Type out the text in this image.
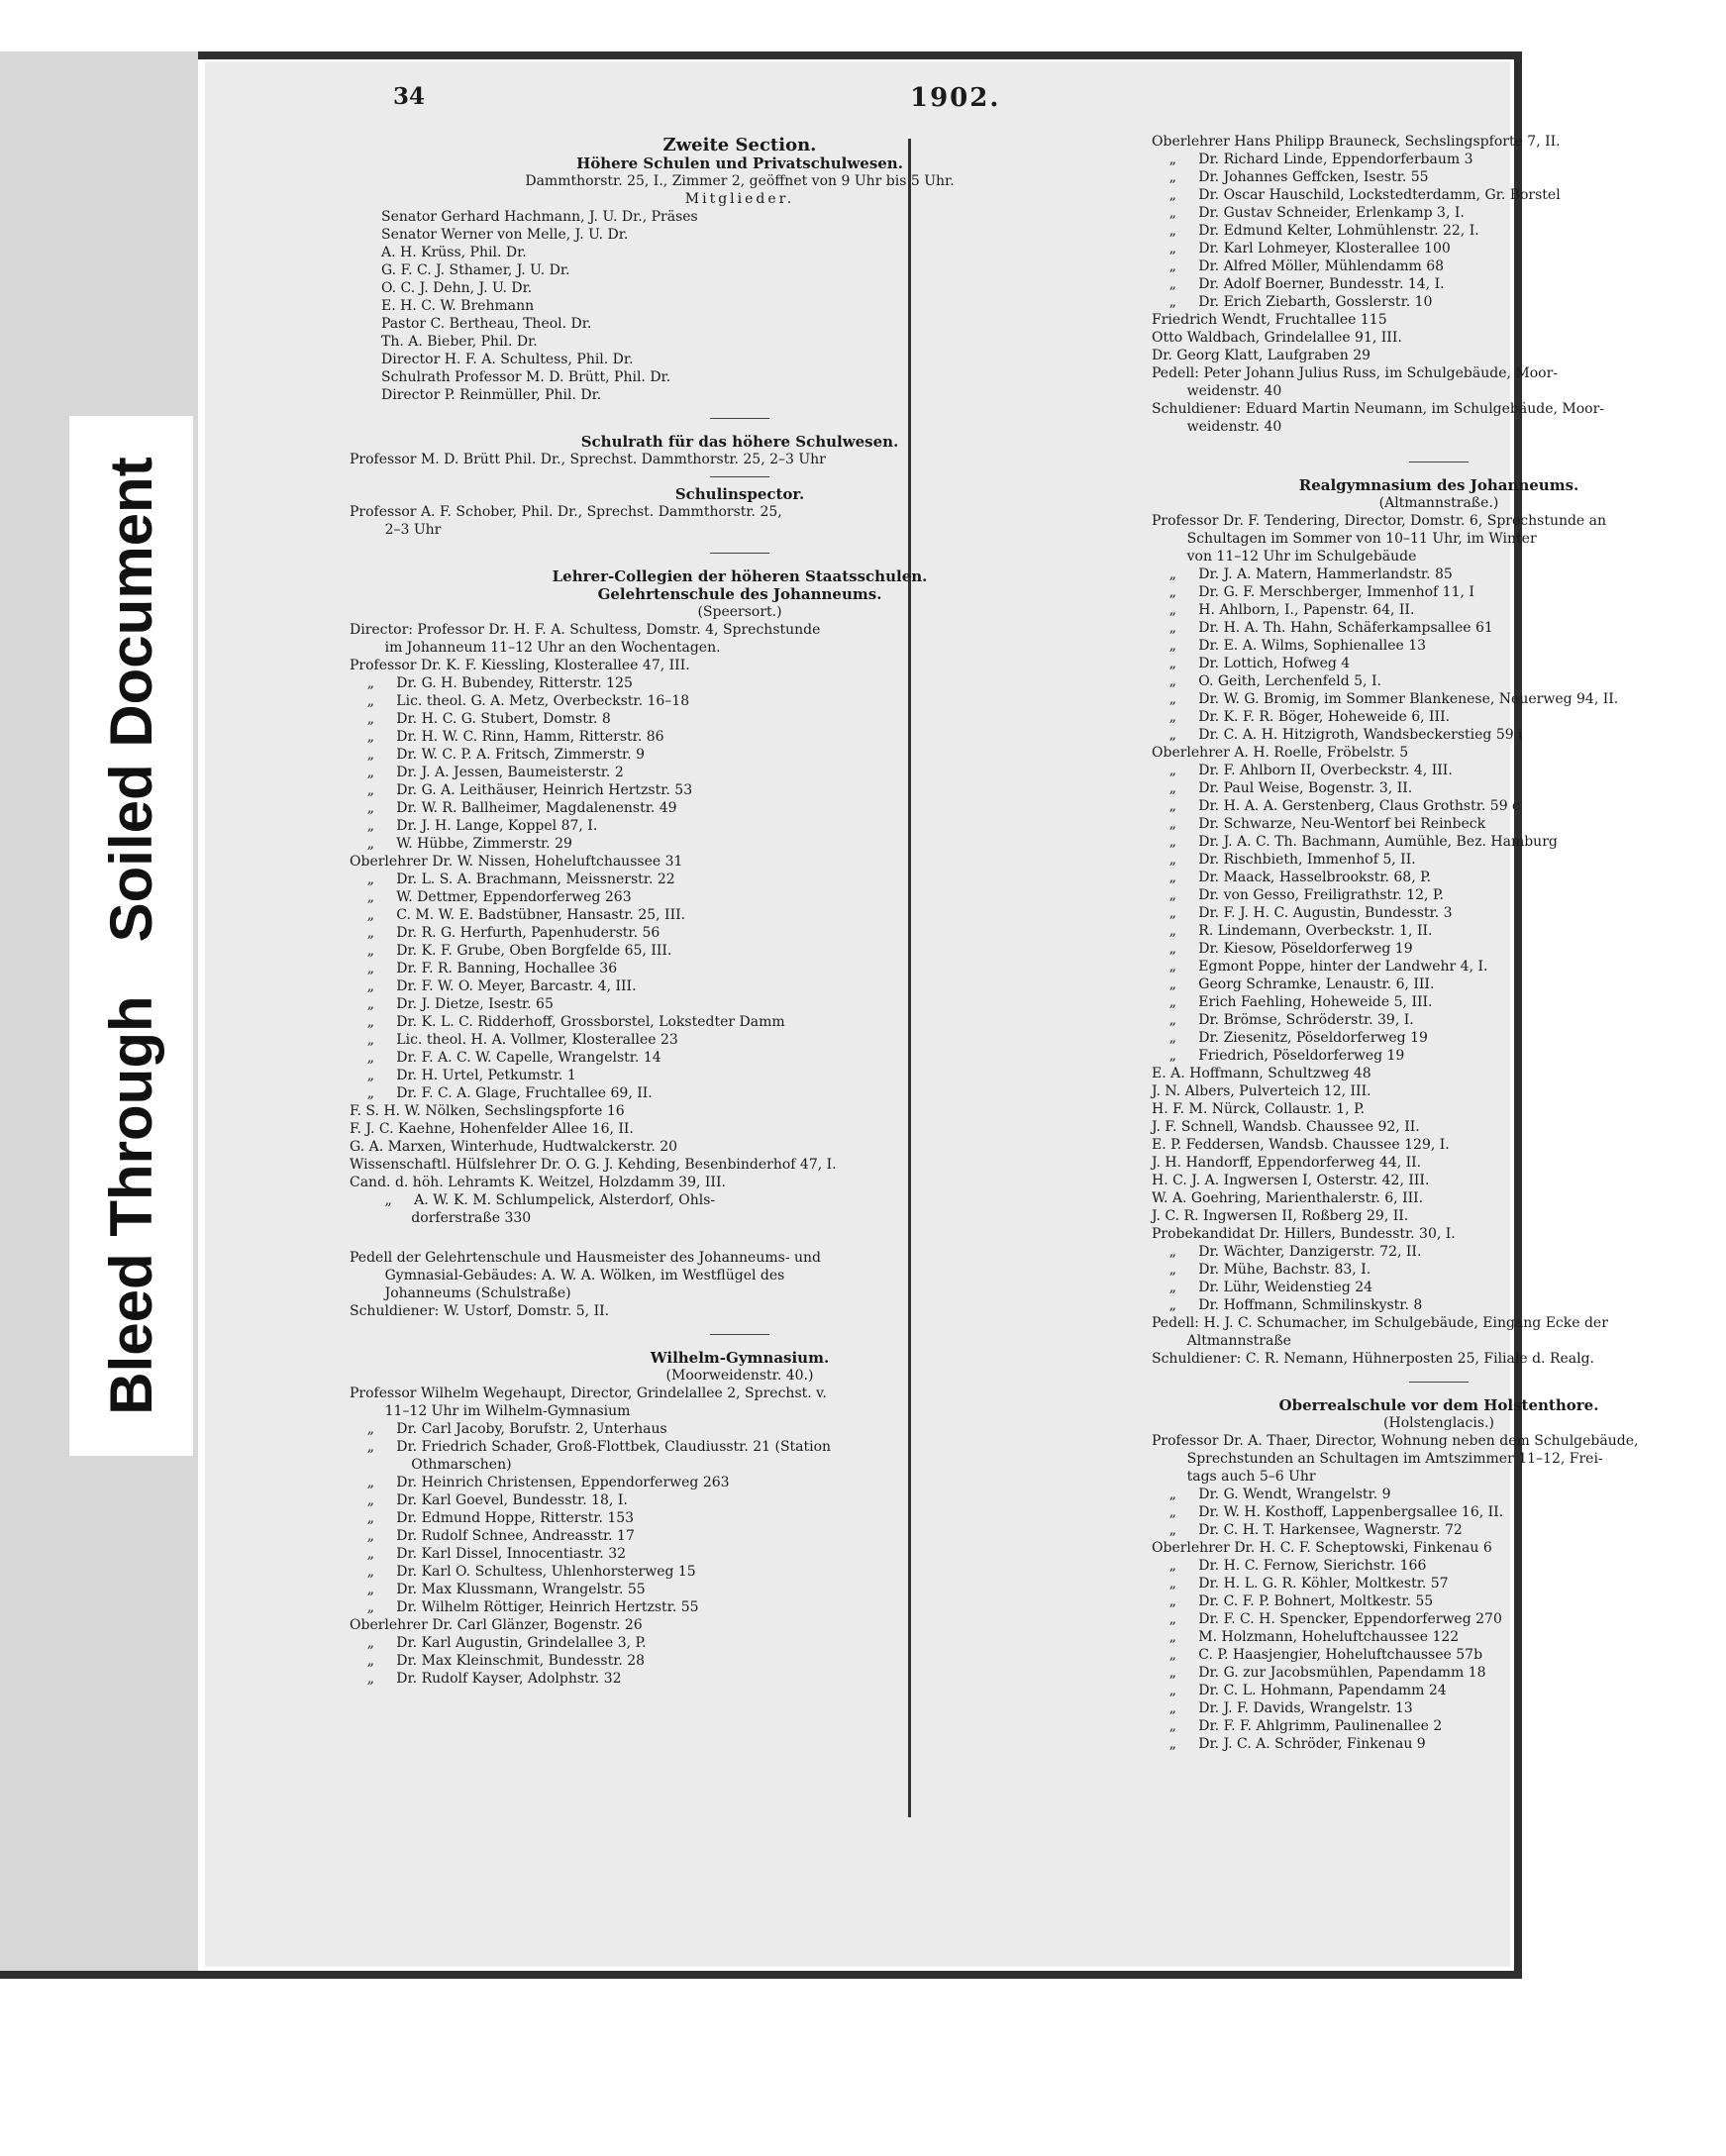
Bleed Through
Soiled Document
34	1902.
Zweite Section.
Höhere Schulen und Privatschulwesen.
Dammthorstr. 25, I., Zimmer 2, geöffnet von 9 Uhr bis 5 Uhr.
Mitglieder.
Senator Gerhard Hachmann, J. U. Dr., Präses
Senator Werner von Melle, J. U. Dr.
A. H. Krüss, Phil. Dr.
G. F. C. J. Sthamer, J. U. Dr.
O. C. J. Dehn, J. U. Dr.
E. H. C. W. Brehmann
Pastor C. Bertheau, Theol. Dr.
Th. A. Bieber, Phil. Dr.
Director H. F. A. Schultess, Phil. Dr.
Schulrath Professor M. D. Brütt, Phil. Dr.
Director P. Reinmüller, Phil. Dr.
Schulrath für das höhere Schulwesen.
Professor M. D. Brütt Phil. Dr., Sprechst. Dammthorstr. 25, 2–3 Uhr
Schulinspector.
Professor A. F. Schober, Phil. Dr., Sprechst. Dammthorstr. 25,
2–3 Uhr
Lehrer-Collegien der höheren Staatsschulen.
Gelehrtenschule des Johanneums.
(Speersort.)
Director: Professor Dr. H. F. A. Schultess, Domstr. 4, Sprechstunde
im Johanneum 11–12 Uhr an den Wochentagen.
Professor Dr. K. F. Kiessling, Klosterallee 47, III.
„     Dr. G. H. Bubendey, Ritterstr. 125
„     Lic. theol. G. A. Metz, Overbeckstr. 16–18
„     Dr. H. C. G. Stubert, Domstr. 8
„     Dr. H. W. C. Rinn, Hamm, Ritterstr. 86
„     Dr. W. C. P. A. Fritsch, Zimmerstr. 9
„     Dr. J. A. Jessen, Baumeisterstr. 2
„     Dr. G. A. Leithäuser, Heinrich Hertzstr. 53
„     Dr. W. R. Ballheimer, Magdalenenstr. 49
„     Dr. J. H. Lange, Koppel 87, I.
„     W. Hübbe, Zimmerstr. 29
Oberlehrer Dr. W. Nissen, Hoheluftchaussee 31
„     Dr. L. S. A. Brachmann, Meissnerstr. 22
„     W. Dettmer, Eppendorferweg 263
„     C. M. W. E. Badstübner, Hansastr. 25, III.
„     Dr. R. G. Herfurth, Papenhuderstr. 56
„     Dr. K. F. Grube, Oben Borgfelde 65, III.
„     Dr. F. R. Banning, Hochallee 36
„     Dr. F. W. O. Meyer, Barcastr. 4, III.
„     Dr. J. Dietze, Isestr. 65
„     Dr. K. L. C. Ridderhoff, Grossborstel, Lokstedter Damm
„     Lic. theol. H. A. Vollmer, Klosterallee 23
„     Dr. F. A. C. W. Capelle, Wrangelstr. 14
„     Dr. H. Urtel, Petkumstr. 1
„     Dr. F. C. A. Glage, Fruchtallee 69, II.
F. S. H. W. Nölken, Sechslingspforte 16
F. J. C. Kaehne, Hohenfelder Allee 16, II.
G. A. Marxen, Winterhude, Hudtwalckerstr. 20
Wissenschaftl. Hülfslehrer Dr. O. G. J. Kehding, Besenbinderhof 47, I.
Cand. d. höh. Lehramts K. Weitzel, Holzdamm 39, III.
„     A. W. K. M. Schlumpelick, Alsterdorf, Ohls-
dorferstraße 330
Pedell der Gelehrtenschule und Hausmeister des Johanneums- und
Gymnasial-Gebäudes: A. W. A. Wölken, im Westflügel des
Johanneums (Schulstraße)
Schuldiener: W. Ustorf, Domstr. 5, II.
Wilhelm-Gymnasium.
(Moorweidenstr. 40.)
Professor Wilhelm Wegehaupt, Director, Grindelallee 2, Sprechst. v.
11–12 Uhr im Wilhelm-Gymnasium
„     Dr. Carl Jacoby, Borufstr. 2, Unterhaus
„     Dr. Friedrich Schader, Groß-Flottbek, Claudiusstr. 21 (Station
Othmarschen)
„     Dr. Heinrich Christensen, Eppendorferweg 263
„     Dr. Karl Goevel, Bundesstr. 18, I.
„     Dr. Edmund Hoppe, Ritterstr. 153
„     Dr. Rudolf Schnee, Andreasstr. 17
„     Dr. Karl Dissel, Innocentiastr. 32
„     Dr. Karl O. Schultess, Uhlenhorsterweg 15
„     Dr. Max Klussmann, Wrangelstr. 55
„     Dr. Wilhelm Röttiger, Heinrich Hertzstr. 55
Oberlehrer Dr. Carl Glänzer, Bogenstr. 26
„     Dr. Karl Augustin, Grindelallee 3, P.
„     Dr. Max Kleinschmit, Bundesstr. 28
„     Dr. Rudolf Kayser, Adolphstr. 32
Oberlehrer Hans Philipp Brauneck, Sechslingspforte 7, II.
„     Dr. Richard Linde, Eppendorferbaum 3
„     Dr. Johannes Geffcken, Isestr. 55
„     Dr. Oscar Hauschild, Lockstedterdamm, Gr. Borstel
„     Dr. Gustav Schneider, Erlenkamp 3, I.
„     Dr. Edmund Kelter, Lohmühlenstr. 22, I.
„     Dr. Karl Lohmeyer, Klosterallee 100
„     Dr. Alfred Möller, Mühlendamm 68
„     Dr. Adolf Boerner, Bundesstr. 14, I.
„     Dr. Erich Ziebarth, Gosslerstr. 10
Friedrich Wendt, Fruchtallee 115
Otto Waldbach, Grindelallee 91, III.
Dr. Georg Klatt, Laufgraben 29
Pedell: Peter Johann Julius Russ, im Schulgebäude, Moor-
weidenstr. 40
Schuldiener: Eduard Martin Neumann, im Schulgebäude, Moor-
weidenstr. 40
Realgymnasium des Johanneums.
(Altmannstraße.)
Professor Dr. F. Tendering, Director, Domstr. 6, Sprechstunde an
Schultagen im Sommer von 10–11 Uhr, im Winter
von 11–12 Uhr im Schulgebäude
„     Dr. J. A. Matern, Hammerlandstr. 85
„     Dr. G. F. Merschberger, Immenhof 11, I
„     H. Ahlborn, I., Papenstr. 64, II.
„     Dr. H. A. Th. Hahn, Schäferkampsallee 61
„     Dr. E. A. Wilms, Sophienallee 13
„     Dr. Lottich, Hofweg 4
„     O. Geith, Lerchenfeld 5, I.
„     Dr. W. G. Bromig, im Sommer Blankenese, Neuerweg 94, II.
„     Dr. K. F. R. Böger, Hoheweide 6, III.
„     Dr. C. A. H. Hitzigroth, Wandsbeckerstieg 59 i
Oberlehrer A. H. Roelle, Fröbelstr. 5
„     Dr. F. Ahlborn II, Overbeckstr. 4, III.
„     Dr. Paul Weise, Bogenstr. 3, II.
„     Dr. H. A. A. Gerstenberg, Claus Grothstr. 59 c
„     Dr. Schwarze, Neu-Wentorf bei Reinbeck
„     Dr. J. A. C. Th. Bachmann, Aumühle, Bez. Hamburg
„     Dr. Rischbieth, Immenhof 5, II.
„     Dr. Maack, Hasselbrookstr. 68, P.
„     Dr. von Gesso, Freiligrathstr. 12, P.
„     Dr. F. J. H. C. Augustin, Bundesstr. 3
„     R. Lindemann, Overbeckstr. 1, II.
„     Dr. Kiesow, Pöseldorferweg 19
„     Egmont Poppe, hinter der Landwehr 4, I.
„     Georg Schramke, Lenaustr. 6, III.
„     Erich Faehling, Hoheweide 5, III.
„     Dr. Brömse, Schröderstr. 39, I.
„     Dr. Ziesenitz, Pöseldorferweg 19
„     Friedrich, Pöseldorferweg 19
E. A. Hoffmann, Schultzweg 48
J. N. Albers, Pulverteich 12, III.
H. F. M. Nürck, Collaustr. 1, P.
J. F. Schnell, Wandsb. Chaussee 92, II.
E. P. Feddersen, Wandsb. Chaussee 129, I.
J. H. Handorff, Eppendorferweg 44, II.
H. C. J. A. Ingwersen I, Osterstr. 42, III.
W. A. Goehring, Marienthalerstr. 6, III.
J. C. R. Ingwersen II, Roßberg 29, II.
Probekandidat Dr. Hillers, Bundesstr. 30, I.
„     Dr. Wächter, Danzigerstr. 72, II.
„     Dr. Mühe, Bachstr. 83, I.
„     Dr. Lühr, Weidenstieg 24
„     Dr. Hoffmann, Schmilinskystr. 8
Pedell: H. J. C. Schumacher, im Schulgebäude, Eingang Ecke der
Altmannstraße
Schuldiener: C. R. Nemann, Hühnerposten 25, Filiale d. Realg.
Oberrealschule vor dem Holstenthore.
(Holstenglacis.)
Professor Dr. A. Thaer, Director, Wohnung neben dem Schulgebäude,
Sprechstunden an Schultagen im Amtszimmer 11–12, Frei-
tags auch 5–6 Uhr
„     Dr. G. Wendt, Wrangelstr. 9
„     Dr. W. H. Kosthoff, Lappenbergsallee 16, II.
„     Dr. C. H. T. Harkensee, Wagnerstr. 72
Oberlehrer Dr. H. C. F. Scheptowski, Finkenau 6
„     Dr. H. C. Fernow, Sierichstr. 166
„     Dr. H. L. G. R. Köhler, Moltkestr. 57
„     Dr. C. F. P. Bohnert, Moltkestr. 55
„     Dr. F. C. H. Spencker, Eppendorferweg 270
„     M. Holzmann, Hoheluftchaussee 122
„     C. P. Haasjengier, Hoheluftchaussee 57b
„     Dr. G. zur Jacobsmühlen, Papendamm 18
„     Dr. C. L. Hohmann, Papendamm 24
„     Dr. J. F. Davids, Wrangelstr. 13
„     Dr. F. F. Ahlgrimm, Paulinenallee 2
„     Dr. J. C. A. Schröder, Finkenau 9
